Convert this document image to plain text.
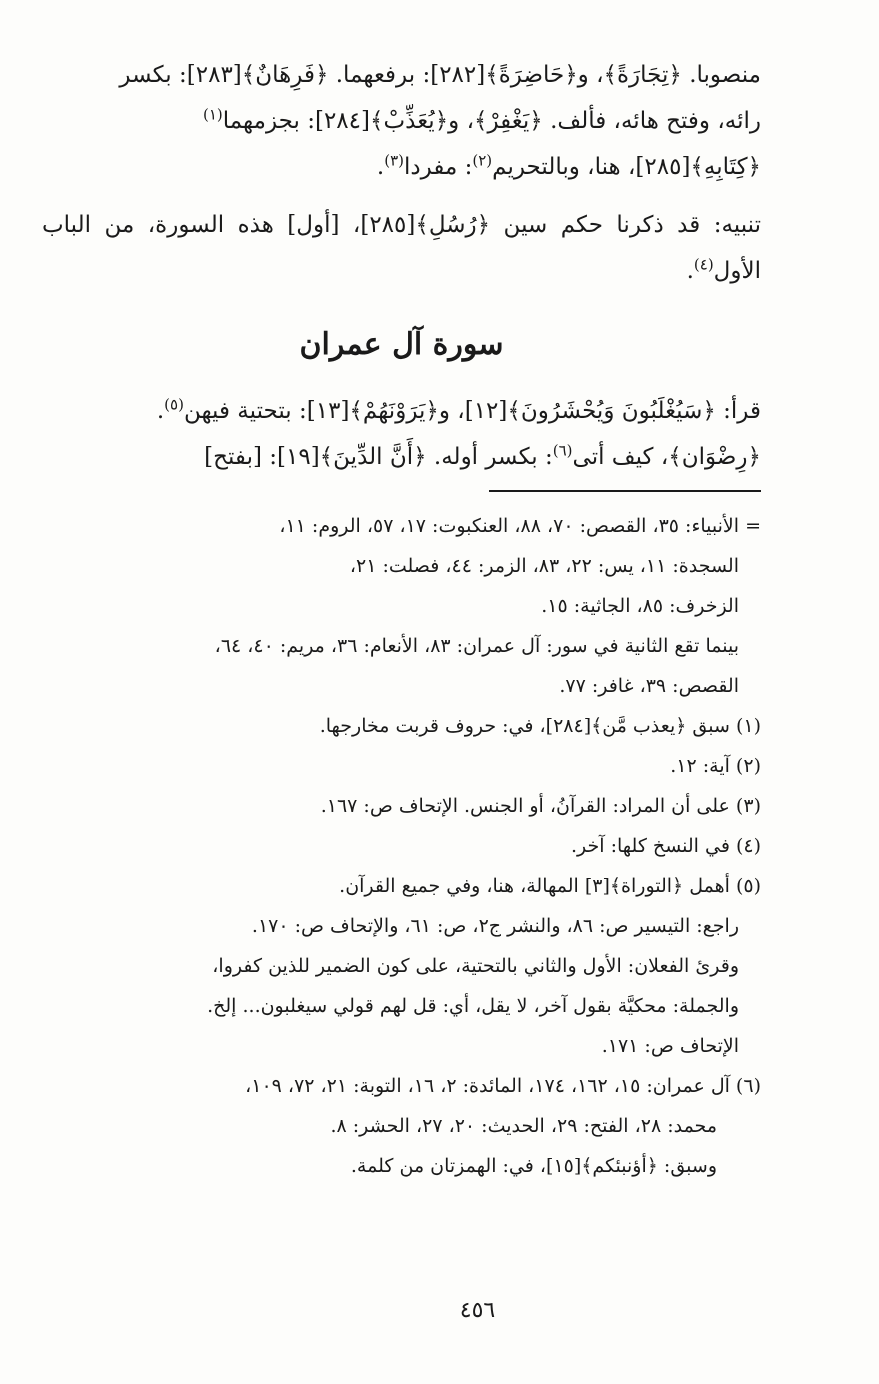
منصوبا. ﴿تِجَارَةً﴾، و﴿حَاضِرَةً﴾[٢٨٢]: برفعهما. ﴿فَرِهَانٌ﴾[٢٨٣]: بكسر
رائه، وفتح هائه، فألف. ﴿يَغْفِرْ﴾، و﴿يُعَذِّبْ﴾[٢٨٤]: بجزمهما$^{(١)}$
﴿كِتَابِهِ﴾[٢٨٥]، هنا، وبالتحريم$^{(٢)}$: مفردا$^{(٣)}$.

تنبيه: قد ذكرنا حكم سين ﴿رُسُلِ﴾[٢٨٥]، [أول] هذه السورة، من الباب الأول$^{(٤)}$.

سورة آل عمران

قرأ: ﴿سَيُغْلَبُونَ وَيُحْشَرُونَ﴾[١٢]، و﴿يَرَوْنَهُمْ﴾[١٣]: بتحتية فيهن$^{(٥)}$.
﴿رِضْوَان﴾، كيف أتى$^{(٦)}$: بكسر أوله. ﴿أَنَّ الدِّينَ﴾[١٩]: [بفتح]

= الأنبياء: ٣٥، القصص: ٧٠، ٨٨، العنكبوت: ١٧، ٥٧، الروم: ١١،
السجدة: ١١، يس: ٢٢، ٨٣، الزمر: ٤٤، فصلت: ٢١،
الزخرف: ٨٥، الجاثية: ١٥.
بينما تقع الثانية في سور: آل عمران: ٨٣، الأنعام: ٣٦، مريم: ٤٠، ٦٤،
القصص: ٣٩، غافر: ٧٧.
(١) سبق ﴿يعذب مَّن﴾[٢٨٤]، في: حروف قربت مخارجها.
(٢) آية: ١٢.
(٣) على أن المراد: القرآنُ، أو الجنس. الإتحاف ص: ١٦٧.
(٤) في النسخ كلها: آخر.
(٥) أهمل ﴿التوراة﴾[٣] المهالة، هنا، وفي جميع القرآن.
راجع: التيسير ص: ٨٦، والنشر ج٢، ص: ٦١، والإتحاف ص: ١٧٠.
وقرئ الفعلان: الأول والثاني بالتحتية، على كون الضمير للذين كفروا،
والجملة: محكيَّة بقول آخر، لا يقل، أي: قل لهم قولي سيغلبون... إلخ.
الإتحاف ص: ١٧١.
(٦) آل عمران: ١٥، ١٦٢، ١٧٤، المائدة: ٢، ١٦، التوبة: ٢١، ٧٢، ١٠٩،
محمد: ٢٨، الفتح: ٢٩، الحديث: ٢٠، ٢٧، الحشر: ٨.
وسبق: ﴿أؤنبئكم﴾[١٥]، في: الهمزتان من كلمة.
٤٥٦
